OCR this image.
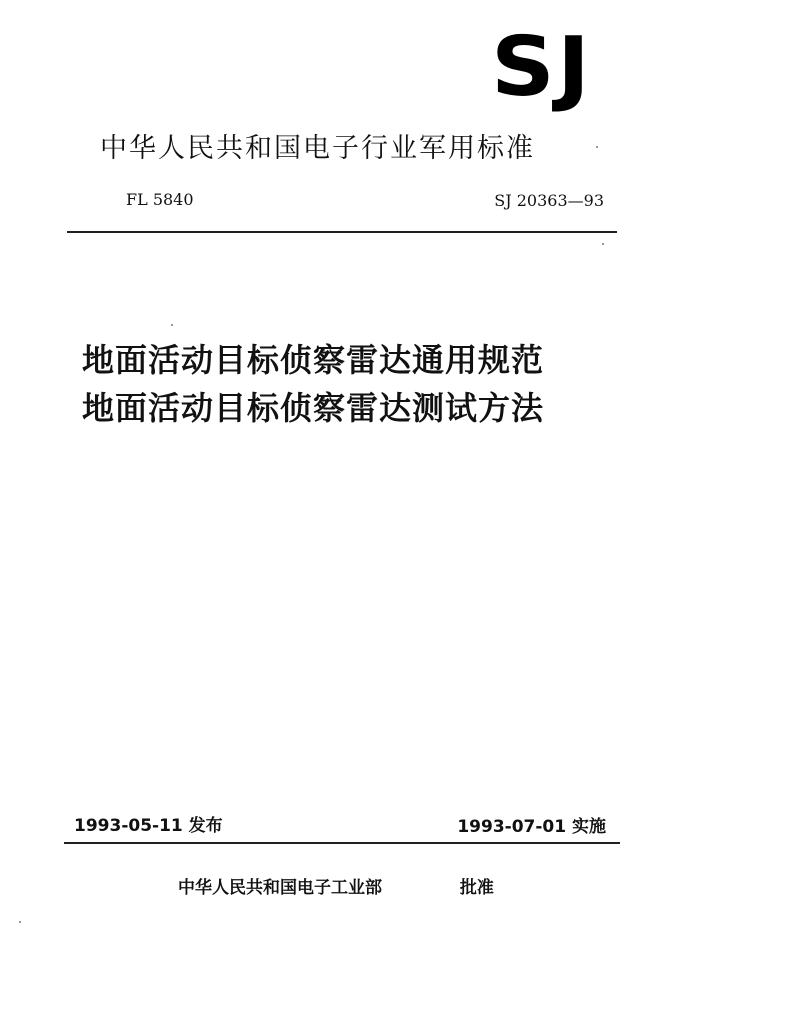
SJ
中华人民共和国电子行业军用标准
FL 5840	SJ 20363—93
地面活动目标侦察雷达通用规范
地面活动目标侦察雷达测试方法
1993-05-11 发布	1993-07-01 实施
中华人民共和国电子工业部	批准
